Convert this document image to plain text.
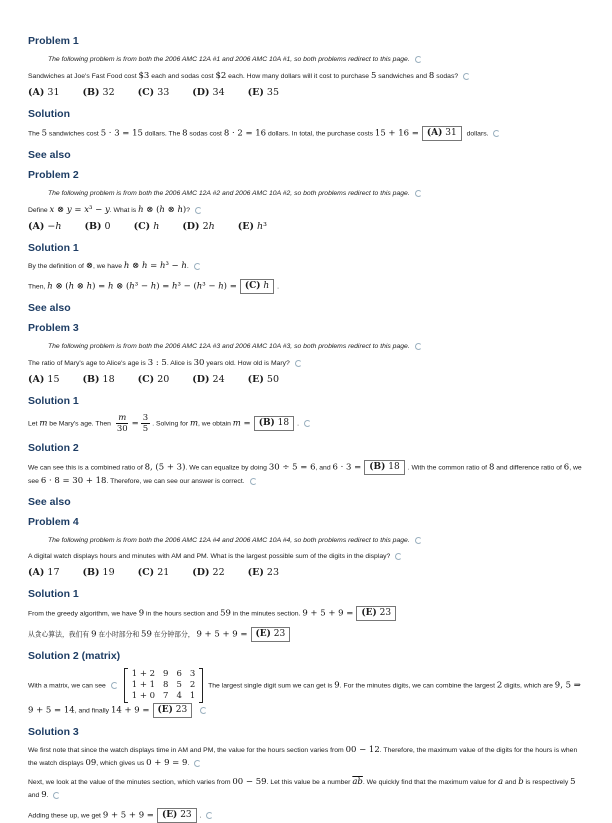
Problem 1
The following problem is from both the 2006 AMC 12A #1 and 2006 AMC 10A #1, so both problems redirect to this page.
Sandwiches at Joe's Fast Food cost $3 each and sodas cost $2 each. How many dollars will it cost to purchase 5 sandwiches and 8 sodas?
(A) 31 (B) 32 (C) 33 (D) 34 (E) 35
Solution
The 5 sandwiches cost 5 · 3 = 15 dollars. The 8 sodas cost 8 · 2 = 16 dollars. In total, the purchase costs 15 + 16 = (A) 31 dollars.
See also
Problem 2
The following problem is from both the 2006 AMC 12A #2 and 2006 AMC 10A #2, so both problems redirect to this page.
Define x ⊗ y = x³ − y. What is h ⊗ (h ⊗ h)?
(A) −h (B) 0 (C) h (D) 2h (E) h³
Solution 1
By the definition of ⊗, we have h ⊗ h = h³ − h.
Then, h ⊗ (h ⊗ h) = h ⊗ (h³ − h) = h³ − (h³ − h) = (C) h .
See also
Problem 3
The following problem is from both the 2006 AMC 12A #3 and 2006 AMC 10A #3, so both problems redirect to this page.
The ratio of Mary's age to Alice's age is 3 : 5. Alice is 30 years old. How old is Mary?
(A) 15 (B) 18 (C) 20 (D) 24 (E) 50
Solution 1
Let m be Mary's age. Then $\frac{m}{30} = \frac{3}{5}$ . Solving for m, we obtain m = (B) 18 .
Solution 2
We can see this is a combined ratio of 8, (5 + 3). We can equalize by doing 30 ÷ 5 = 6, and 6 · 3 = (B) 18 . With the common ratio of 8 and difference ratio of 6, we see 6 · 8 = 30 + 18. Therefore, we can see our answer is correct.
See also
Problem 4
The following problem is from both the 2006 AMC 12A #4 and 2006 AMC 10A #4, so both problems redirect to this page.
A digital watch displays hours and minutes with AM and PM. What is the largest possible sum of the digits in the display?
(A) 17 (B) 19 (C) 21 (D) 22 (E) 23
Solution 1
From the greedy algorithm, we have 9 in the hours section and 59 in the minutes section. 9 + 5 + 9 = (E) 23
从贪心算法，我们有 9 在小时部分和 59 在分钟部分， 9 + 5 + 9 = (E) 23
Solution 2 (matrix)
With a matrix, we can see
1 + 2 9 6 3
1 + 1 8 5 2
1 + 0 7 4 1
The largest single digit sum we can get is 9. For the minutes digits, we can combine the largest 2 digits, which are 9, 5 ⇒ 9 + 5 = 14, and finally 14 + 9 = (E) 23
Solution 3
We first note that since the watch displays time in AM and PM, the value for the hours section varies from 00 − 12. Therefore, the maximum value of the digits for the hours is when the watch displays 09, which gives us 0 + 9 = 9.
Next, we look at the value of the minutes section, which varies from 00 − 59. Let this value be a number $\overline{ab}$. We quickly find that the maximum value for a and b is respectively 5 and 9.
Adding these up, we get 9 + 5 + 9 = (E) 23 .
